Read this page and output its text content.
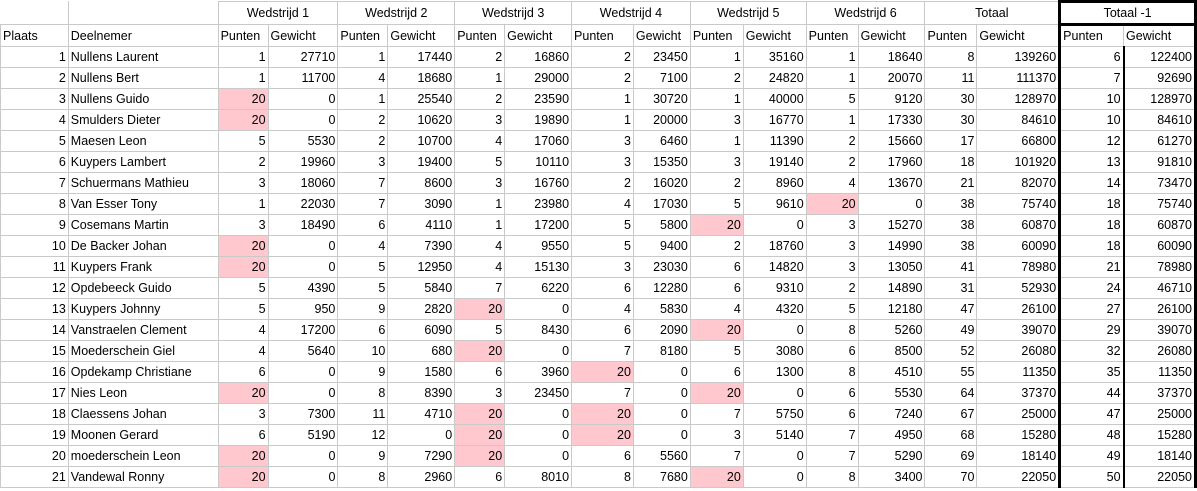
		Wedstrijd 1		Wedstrijd 2		Wedstrijd 3		Wedstrijd 4		Wedstrijd 5		Wedstrijd 6		Totaal		Totaal -1	
Plaats	Deelnemer	Punten	Gewicht	Punten	Gewicht	Punten	Gewicht	Punten	Gewicht	Punten	Gewicht	Punten	Gewicht	Punten	Gewicht	Punten	Gewicht
1	Nullens Laurent	1	27710	1	17440	2	16860	2	23450	1	35160	1	18640	8	139260	6	122400
2	Nullens Bert	1	11700	4	18680	1	29000	2	7100	2	24820	1	20070	11	111370	7	92690
3	Nullens Guido	20	0	1	25540	2	23590	1	30720	1	40000	5	9120	30	128970	10	128970
4	Smulders Dieter	20	0	2	10620	3	19890	1	20000	3	16770	1	17330	30	84610	10	84610
5	Maesen Leon	5	5530	2	10700	4	17060	3	6460	1	11390	2	15660	17	66800	12	61270
6	Kuypers Lambert	2	19960	3	19400	5	10110	3	15350	3	19140	2	17960	18	101920	13	91810
7	Schuermans Mathieu	3	18060	7	8600	3	16760	2	16020	2	8960	4	13670	21	82070	14	73470
8	Van Esser Tony	1	22030	7	3090	1	23980	4	17030	5	9610	20	0	38	75740	18	75740
9	Cosemans Martin	3	18490	6	4110	1	17200	5	5800	20	0	3	15270	38	60870	18	60870
10	De Backer Johan	20	0	4	7390	4	9550	5	9400	2	18760	3	14990	38	60090	18	60090
11	Kuypers Frank	20	0	5	12950	4	15130	3	23030	6	14820	3	13050	41	78980	21	78980
12	Opdebeeck Guido	5	4390	5	5840	7	6220	6	12280	6	9310	2	14890	31	52930	24	46710
13	Kuypers Johnny	5	950	9	2820	20	0	4	5830	4	4320	5	12180	47	26100	27	26100
14	Vanstraelen Clement	4	17200	6	6090	5	8430	6	2090	20	0	8	5260	49	39070	29	39070
15	Moederschein Giel	4	5640	10	680	20	0	7	8180	5	3080	6	8500	52	26080	32	26080
16	Opdekamp Christiane	6	0	9	1580	6	3960	20	0	6	1300	8	4510	55	11350	35	11350
17	Nies Leon	20	0	8	8390	3	23450	7	0	20	0	6	5530	64	37370	44	37370
18	Claessens Johan	3	7300	11	4710	20	0	20	0	7	5750	6	7240	67	25000	47	25000
19	Moonen Gerard	6	5190	12	0	20	0	20	0	3	5140	7	4950	68	15280	48	15280
20	moederschein Leon	20	0	9	7290	20	0	6	5560	7	0	7	5290	69	18140	49	18140
21	Vandewal Ronny	20	0	8	2960	6	8010	8	7680	20	0	8	3400	70	22050	50	22050
